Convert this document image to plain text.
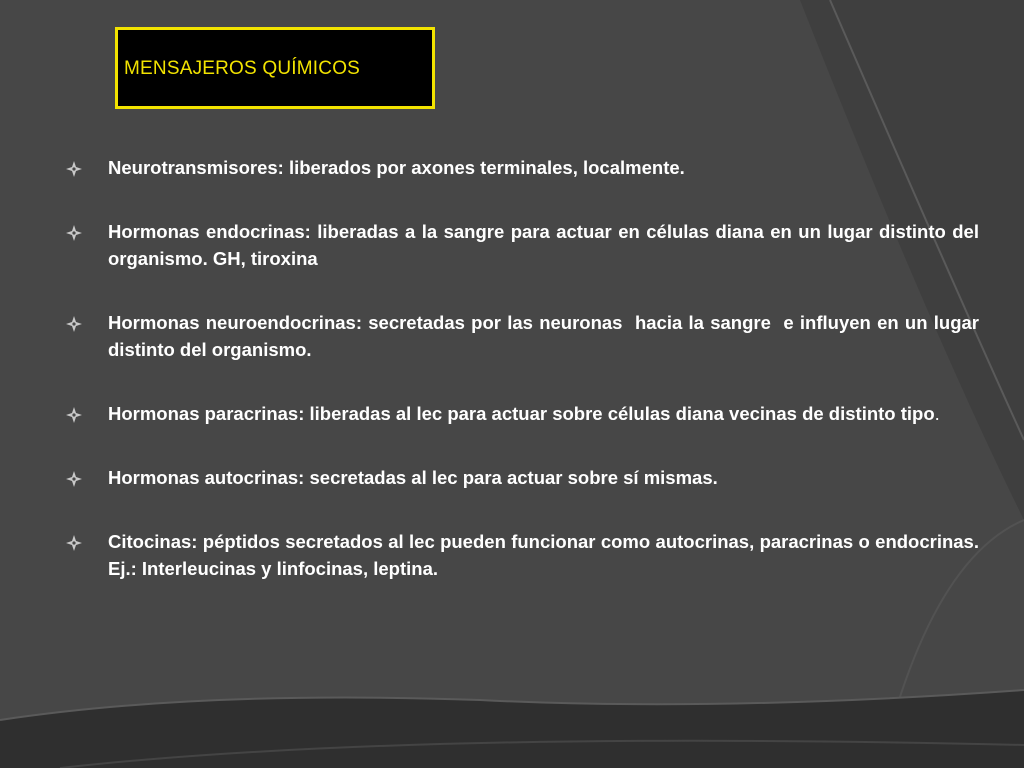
MENSAJEROS QUÍMICOS
Neurotransmisores: liberados por axones terminales, localmente.
Hormonas endocrinas: liberadas a la sangre para actuar en células diana en un lugar distinto del organismo. GH, tiroxina
Hormonas neuroendocrinas: secretadas por las neuronas  hacia la sangre  e influyen en un lugar distinto del organismo.
Hormonas paracrinas: liberadas al lec para actuar sobre células diana vecinas de distinto tipo.
Hormonas autocrinas: secretadas al lec para actuar sobre sí mismas.
Citocinas: péptidos secretados al lec pueden funcionar como autocrinas, paracrinas o endocrinas. Ej.: Interleucinas y linfocinas, leptina.
